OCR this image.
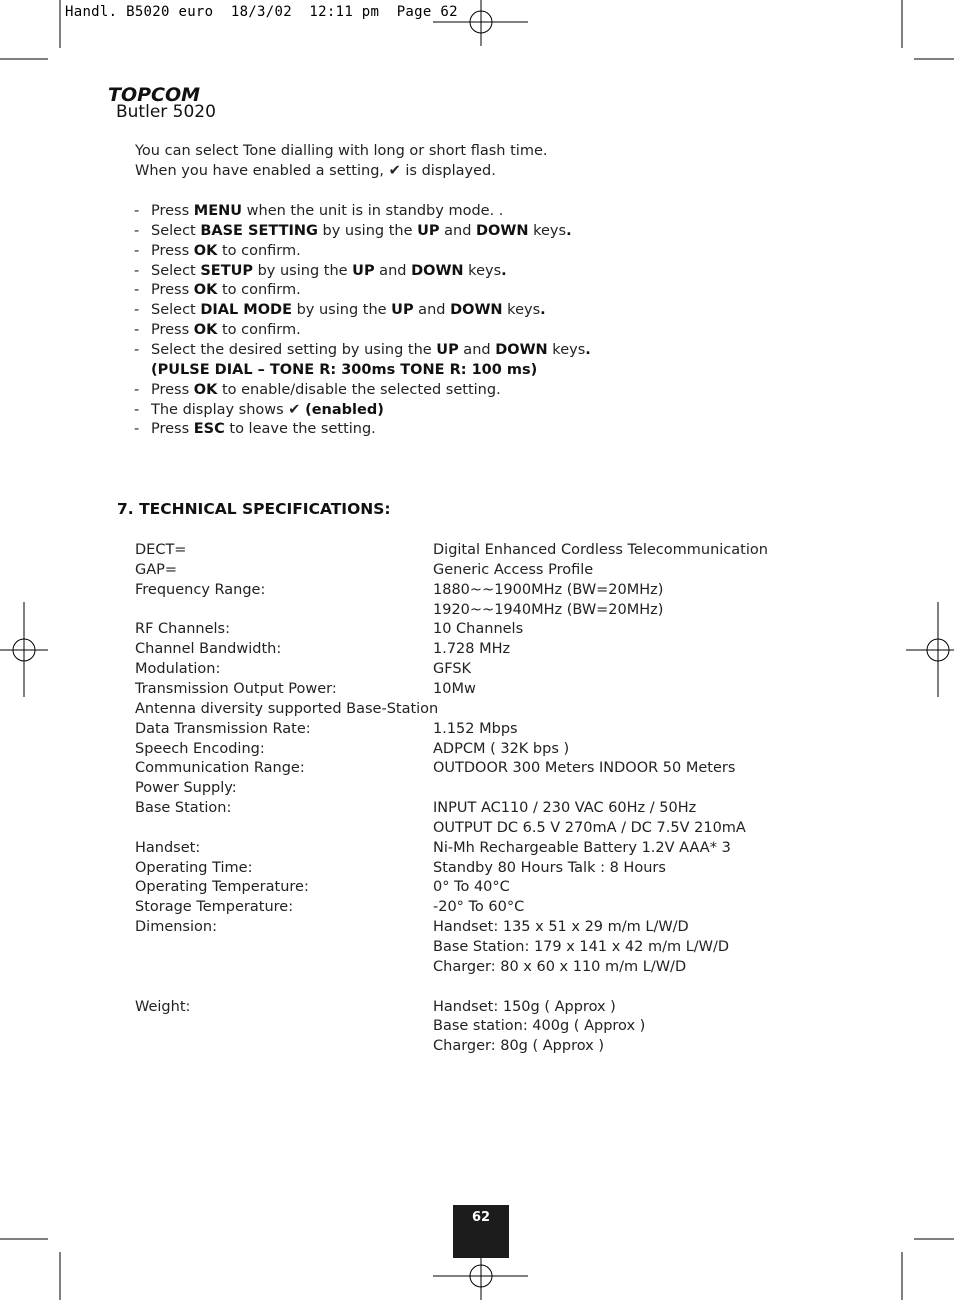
Handl. B5020 euro  18/3/02  12:11 pm  Page 62
TOPCOM
Butler 5020
You can select Tone dialling with long or short flash time.
When you have enabled a setting, ✔ is displayed.
- Press MENU when the unit is in standby mode. .
- Select BASE SETTING by using the UP and DOWN keys.
- Press OK to confirm.
- Select SETUP by using the UP and DOWN keys.
- Press OK to confirm.
- Select DIAL MODE by using the UP and DOWN keys.
- Press OK to confirm.
- Select the desired setting by using the UP and DOWN keys.
(PULSE DIAL – TONE R: 300ms TONE R: 100 ms)
- Press OK to enable/disable the selected setting.
- The display shows ✔ (enabled)
- Press ESC to leave the setting.
7. TECHNICAL SPECIFICATIONS:
DECT=	Digital Enhanced Cordless Telecommunication
GAP=	Generic Access Profile
Frequency Range:	1880~~1900MHz (BW=20MHz)
1920~~1940MHz (BW=20MHz)
RF Channels:	10 Channels
Channel Bandwidth:	1.728 MHz
Modulation:	GFSK
Transmission Output Power:	10Mw
Antenna diversity supported Base-Station
Data Transmission Rate:	1.152 Mbps
Speech Encoding:	ADPCM ( 32K bps )
Communication Range:	OUTDOOR 300 Meters INDOOR 50 Meters
Power Supply:
Base Station:	INPUT AC110 / 230 VAC 60Hz / 50Hz
OUTPUT DC 6.5 V 270mA / DC 7.5V 210mA
Handset:	Ni-Mh Rechargeable Battery 1.2V AAA* 3
Operating Time:	Standby 80 Hours Talk : 8 Hours
Operating Temperature:	0° To 40°C
Storage Temperature:	-20° To 60°C
Dimension:	Handset: 135 x 51 x 29 m/m L/W/D
Base Station: 179 x 141 x 42 m/m L/W/D
Charger: 80 x 60 x 110 m/m L/W/D
Weight:	Handset: 150g ( Approx )
Base station: 400g ( Approx )
Charger: 80g ( Approx )
62
